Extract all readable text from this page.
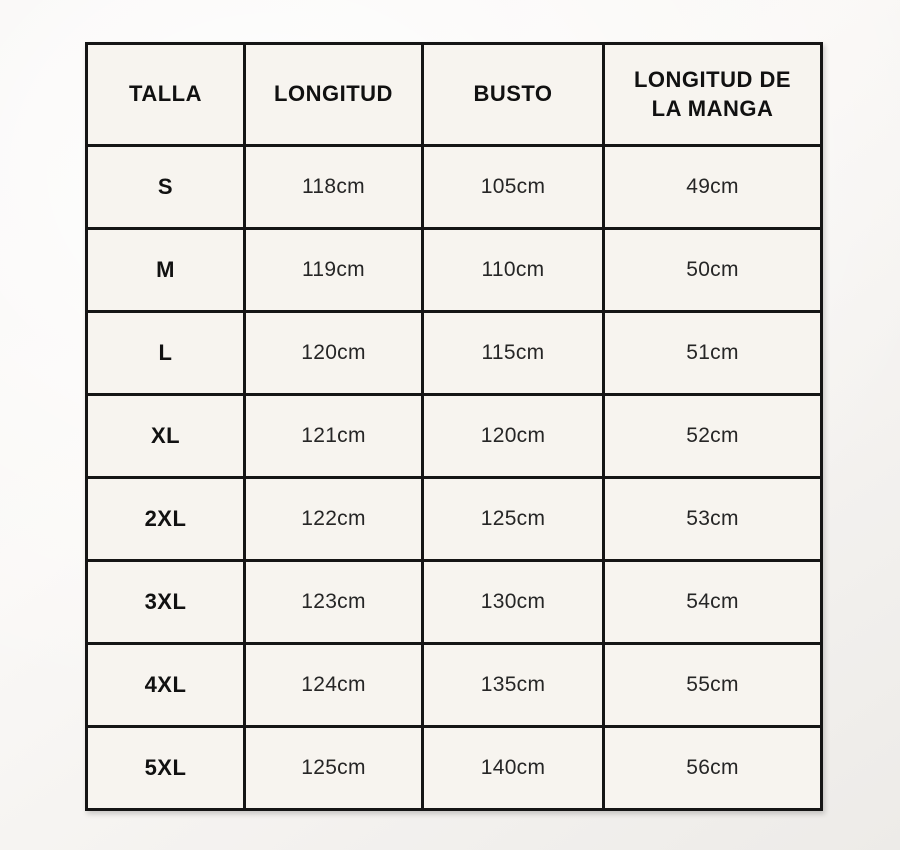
TALLA	LONGITUD	BUSTO	LONGITUD DE LA MANGA
S	118cm	105cm	49cm
M	119cm	110cm	50cm
L	120cm	115cm	51cm
XL	121cm	120cm	52cm
2XL	122cm	125cm	53cm
3XL	123cm	130cm	54cm
4XL	124cm	135cm	55cm
5XL	125cm	140cm	56cm
